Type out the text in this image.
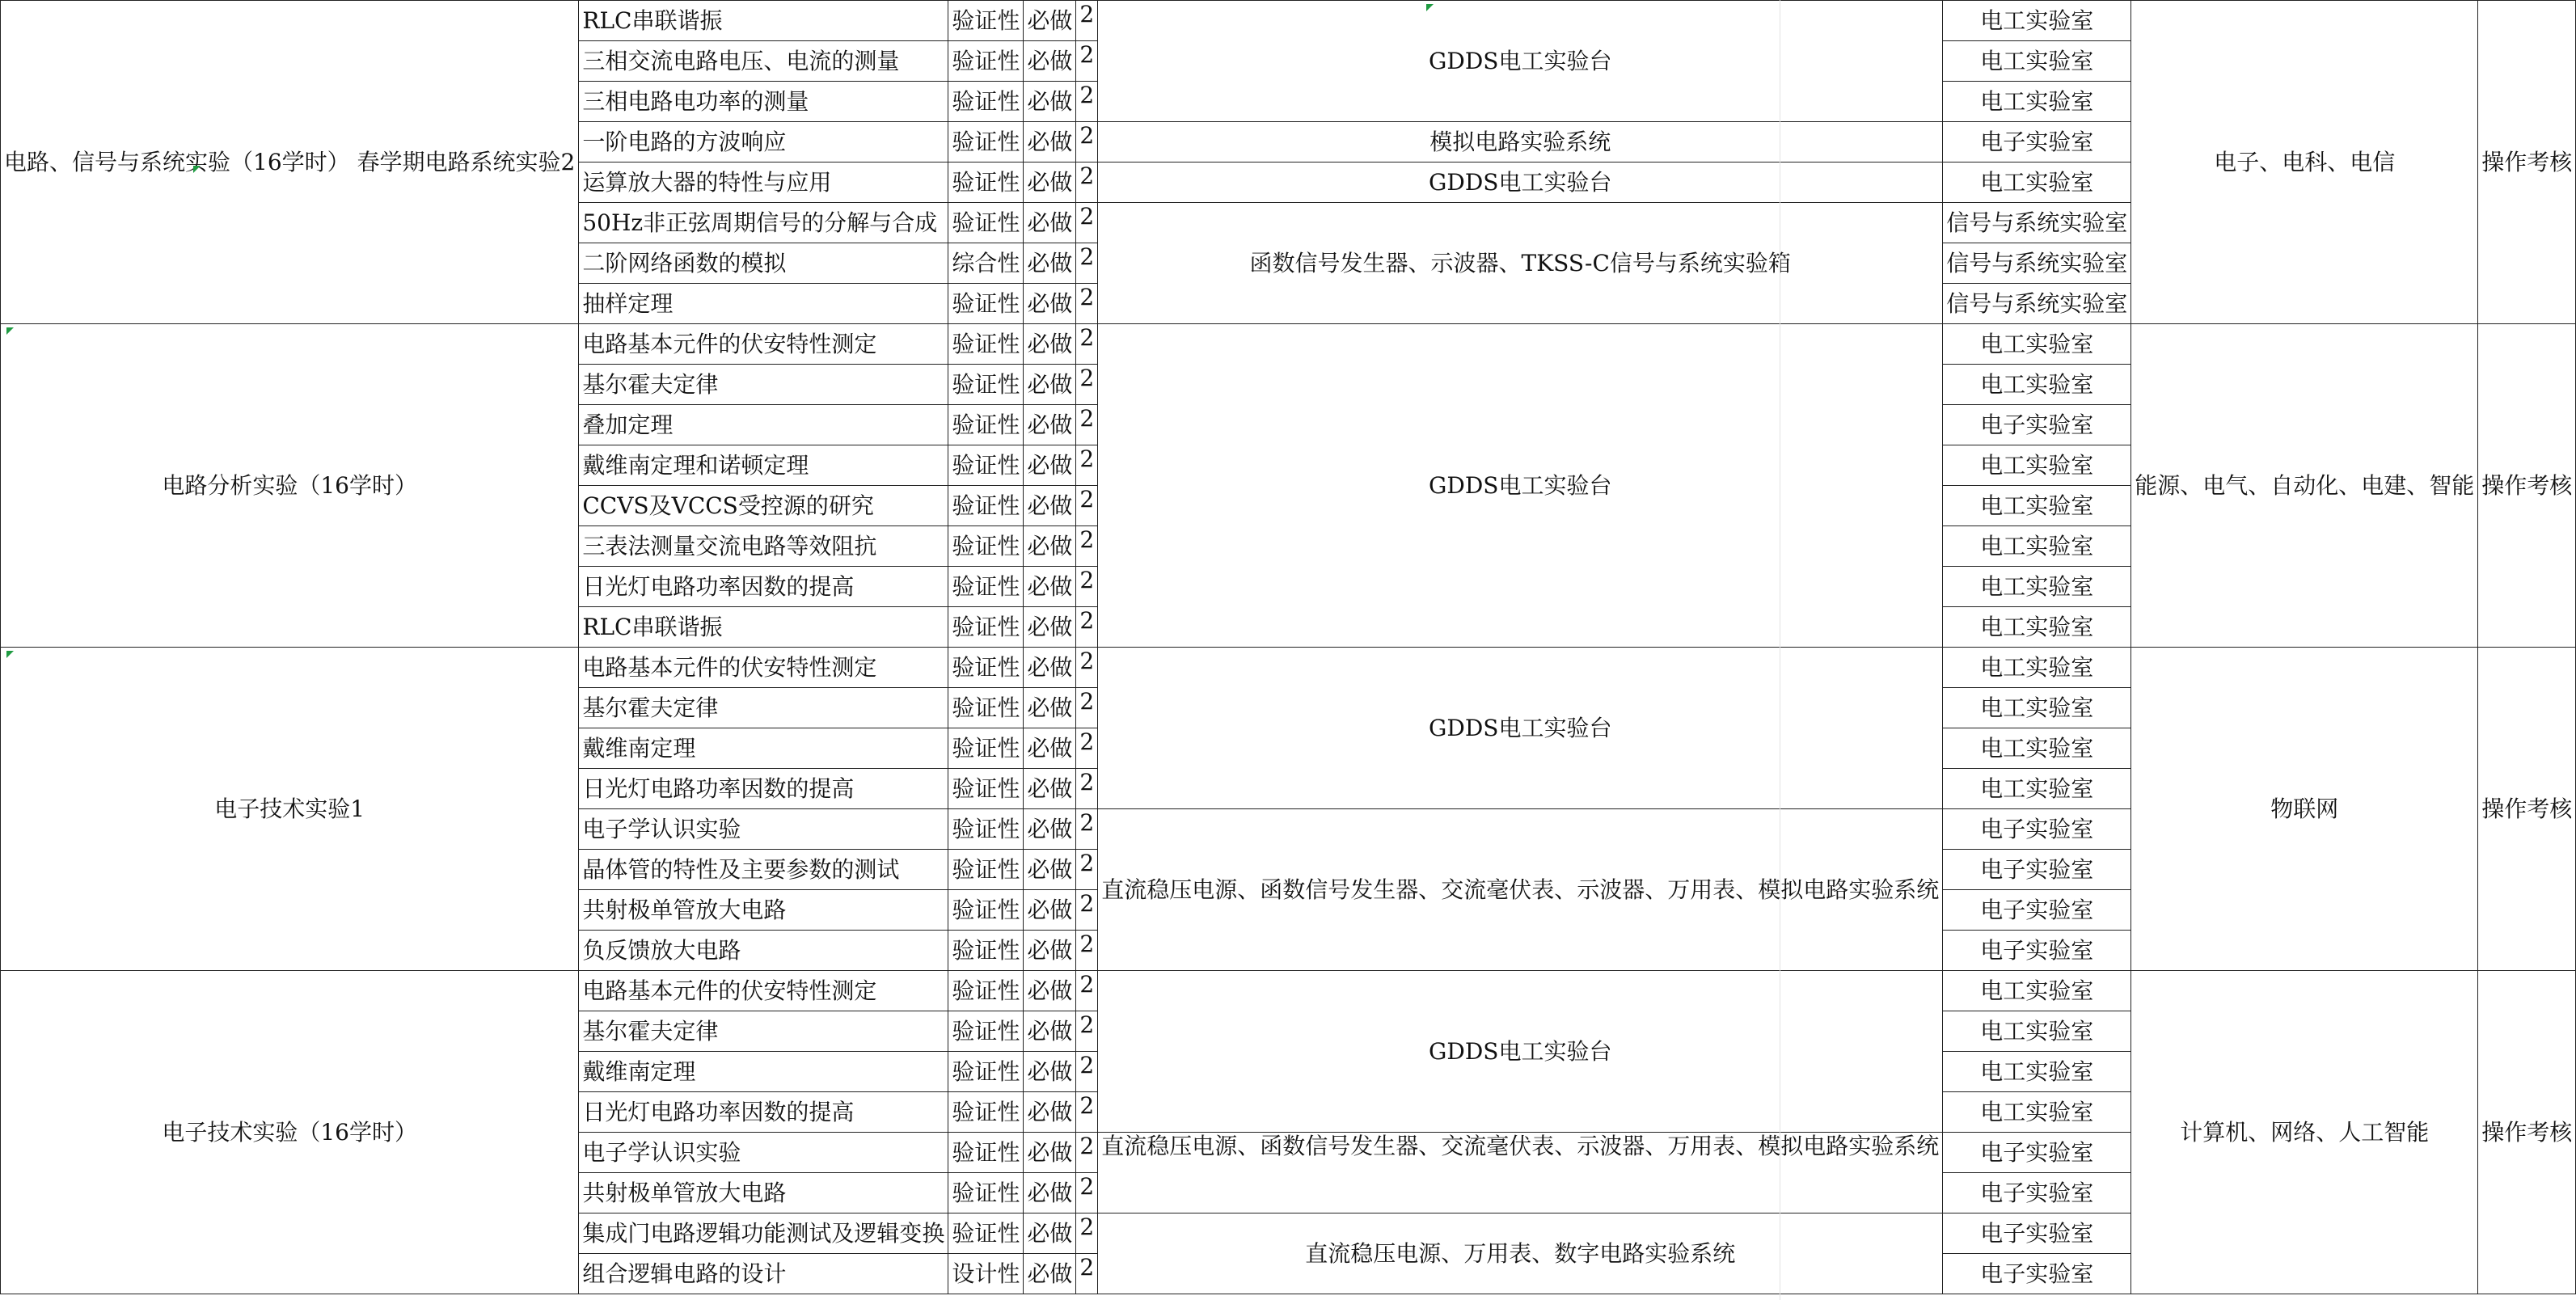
电路、信号与系统实验（16学时） 春学期电路系统实验2	RLC串联谐振	验证性	必做	2	GDDS电工实验台	电工实验室	电子、电科、电信	操作考核
	三相交流电路电压、电流的测量	验证性	必做	2		电工实验室		
	三相电路电功率的测量	验证性	必做	2		电工实验室		
	一阶电路的方波响应	验证性	必做	2	模拟电路实验系统	电子实验室		
	运算放大器的特性与应用	验证性	必做	2	GDDS电工实验台	电工实验室		
	50Hz非正弦周期信号的分解与合成	验证性	必做	2	函数信号发生器、示波器、TKSS-C信号与系统实验箱	信号与系统实验室		
	二阶网络函数的模拟	综合性	必做	2		信号与系统实验室		
	抽样定理	验证性	必做	2		信号与系统实验室		
电路分析实验（16学时）	电路基本元件的伏安特性测定	验证性	必做	2	GDDS电工实验台	电工实验室	能源、电气、自动化、电建、智能	操作考核
	基尔霍夫定律	验证性	必做	2		电工实验室		
	叠加定理	验证性	必做	2		电子实验室		
	戴维南定理和诺顿定理	验证性	必做	2		电工实验室		
	CCVS及VCCS受控源的研究	验证性	必做	2		电工实验室		
	三表法测量交流电路等效阻抗	验证性	必做	2		电工实验室		
	日光灯电路功率因数的提高	验证性	必做	2		电工实验室		
	RLC串联谐振	验证性	必做	2		电工实验室		
电子技术实验1	电路基本元件的伏安特性测定	验证性	必做	2	GDDS电工实验台	电工实验室	物联网	操作考核
	基尔霍夫定律	验证性	必做	2		电工实验室		
	戴维南定理	验证性	必做	2		电工实验室		
	日光灯电路功率因数的提高	验证性	必做	2		电工实验室		
	电子学认识实验	验证性	必做	2	直流稳压电源、函数信号发生器、交流毫伏表、示波器、万用表、模拟电路实验系统	电子实验室		
	晶体管的特性及主要参数的测试	验证性	必做	2		电子实验室		
	共射极单管放大电路	验证性	必做	2		电子实验室		
	负反馈放大电路	验证性	必做	2		电子实验室		
电子技术实验（16学时）	电路基本元件的伏安特性测定	验证性	必做	2	GDDS电工实验台	电工实验室	计算机、网络、人工智能	操作考核
	基尔霍夫定律	验证性	必做	2		电工实验室		
	戴维南定理	验证性	必做	2		电工实验室		
	日光灯电路功率因数的提高	验证性	必做	2		电工实验室		
	电子学认识实验	验证性	必做	2	直流稳压电源、函数信号发生器、交流毫伏表、示波器、万用表、模拟电路实验系统	电子实验室		
	共射极单管放大电路	验证性	必做	2		电子实验室		
	集成门电路逻辑功能测试及逻辑变换	验证性	必做	2	直流稳压电源、万用表、数字电路实验系统	电子实验室		
	组合逻辑电路的设计	设计性	必做	2		电子实验室		
